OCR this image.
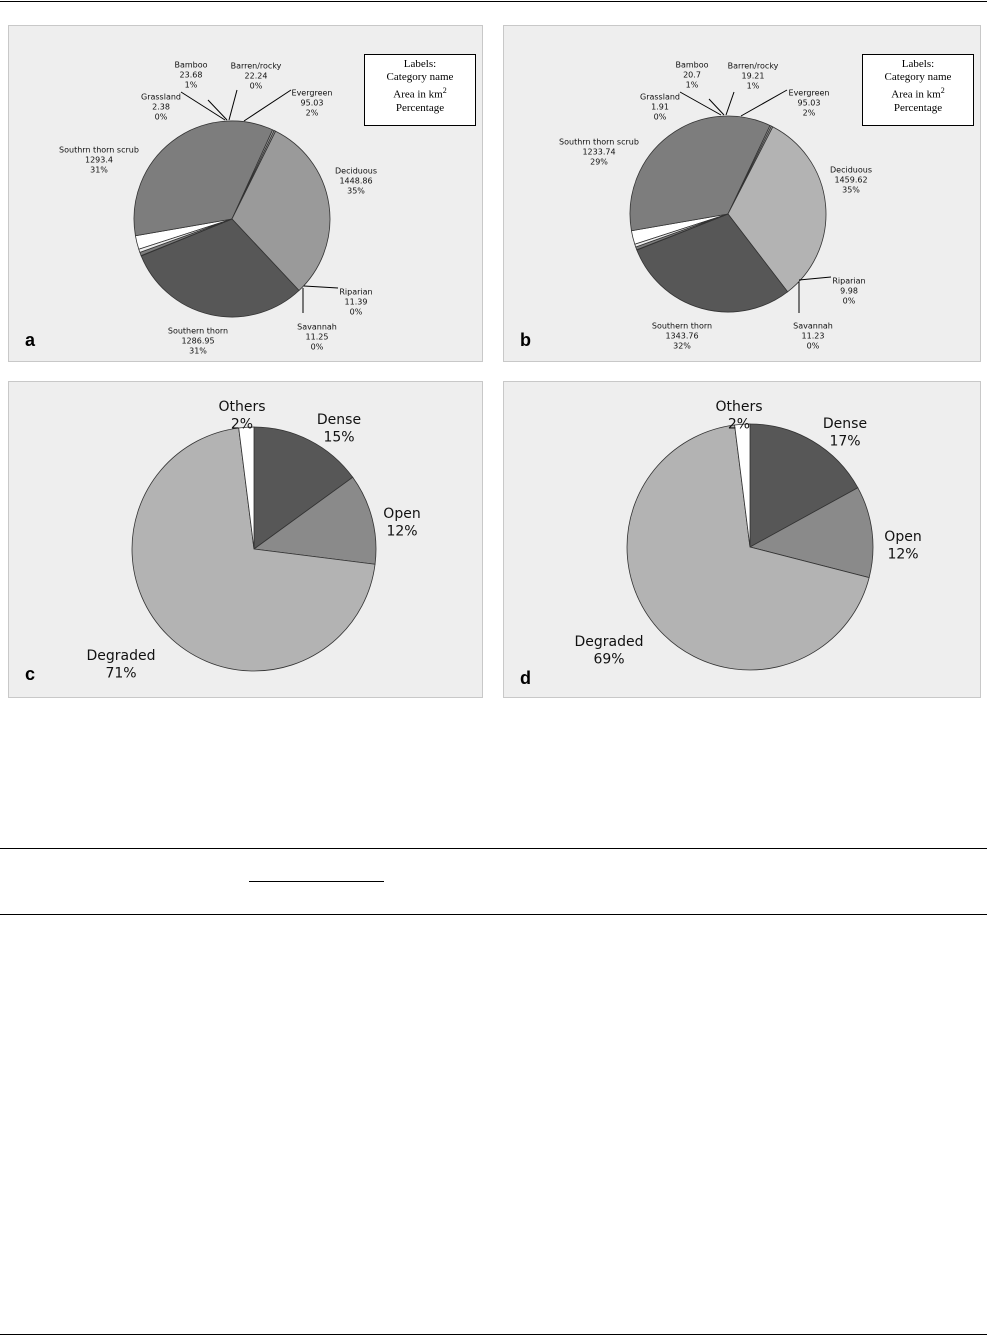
Evergreen
95.03
2%
Deciduous
1448.86
35%
Riparian
11.39
0%
Savannah
11.25
0%
Southern thorn
1286.95
31%
Southrn thorn scrub
1293.4
31%
Grassland
2.38
0%
Bamboo
23.68
1%
Barren/rocky
22.24
0%
Labels:
Category name
Area in $km^2$
Percentage
a
Evergreen
95.03
2%
Deciduous
1459.62
35%
Riparian
9.98
0%
Savannah
11.23
0%
Southern thorn
1343.76
32%
Southrn thorn scrub
1233.74
29%
Grassland
1.91
0%
Bamboo
20.7
1%
Barren/rocky
19.21
1%
Labels:
Category name
Area in $km^2$
Percentage
b
Dense
15%
Open
12%
Degraded
71%
Others
2%
c
Dense
17%
Open
12%
Degraded
69%
Others
2%
d
